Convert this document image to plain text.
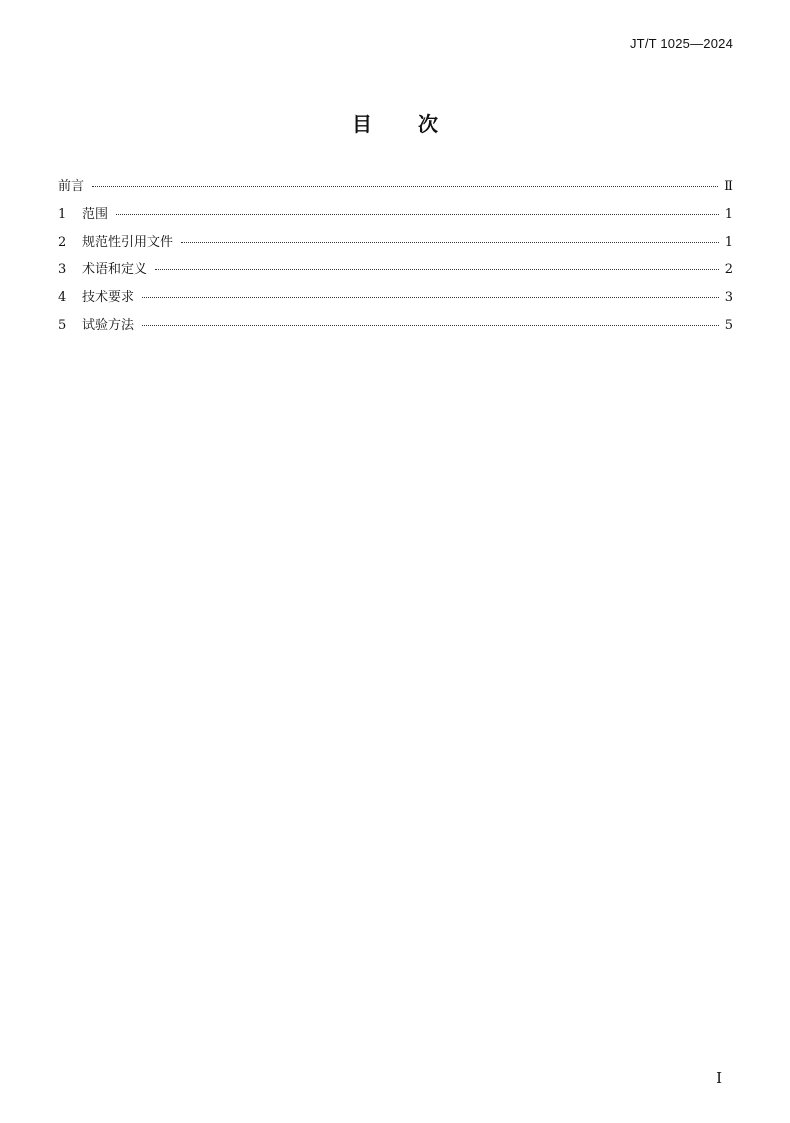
JT/T 1025—2024
目 次
前言	Ⅱ
1	范围	1
2	规范性引用文件	1
3	术语和定义	2
4	技术要求	3
5	试验方法	5
I
